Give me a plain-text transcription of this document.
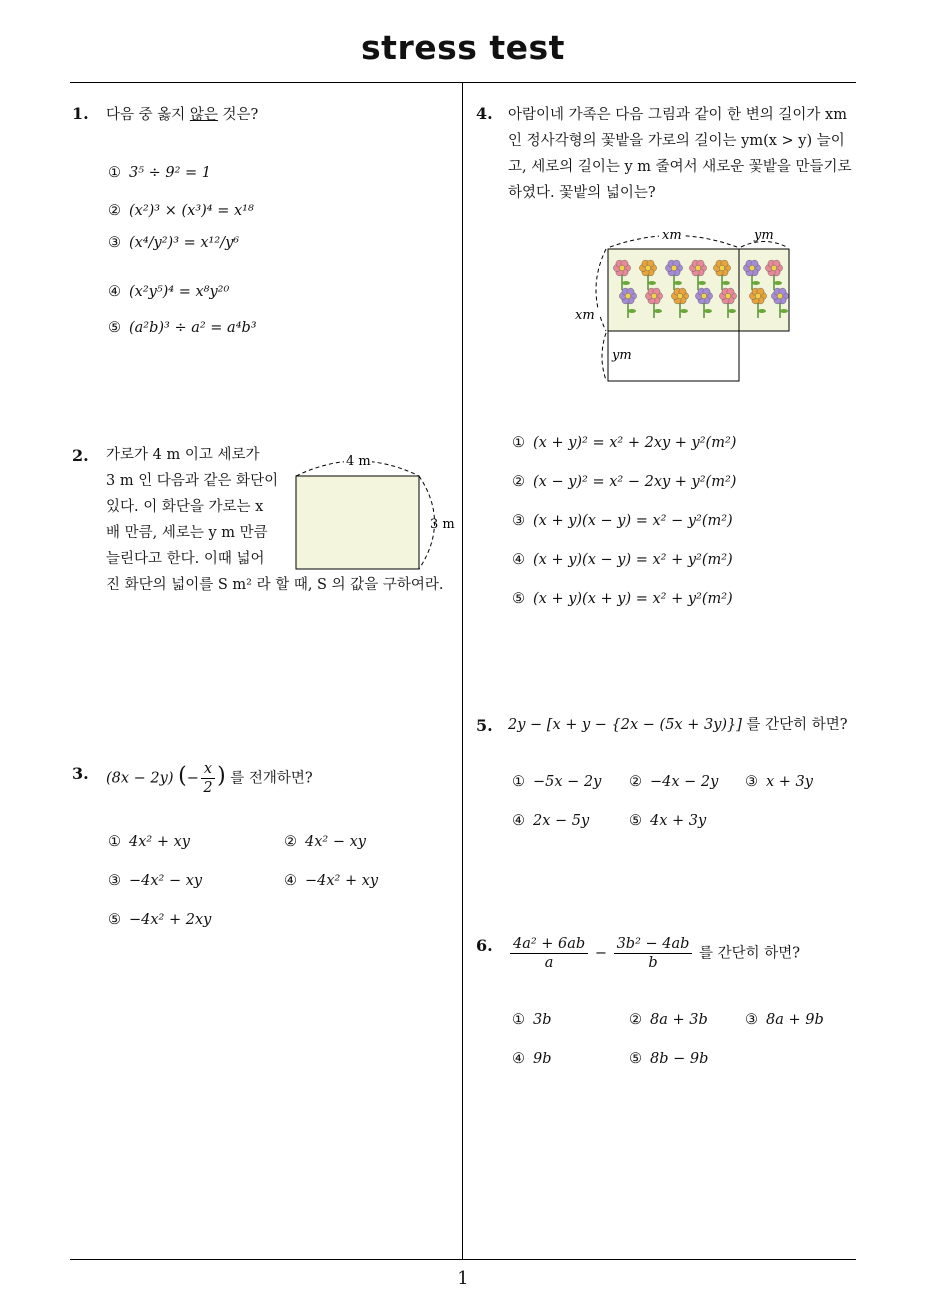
stress test
1
1. 다음 중 옳지 않은 것은?
① 3⁵ ÷ 9² = 1
② (x²)³ × (x³)⁴ = x¹⁸
③ (x⁴/y²)³ = x¹²/y⁶
④ (x²y⁵)⁴ = x⁸y²⁰
⑤ (a²b)³ ÷ a² = a⁴b³
2. 가로가 4 m 이고 세로가
3 m 인 다음과 같은 화단이
있다. 이 화단을 가로는 x
배 만큼, 세로는 y m 만큼
늘린다고 한다. 이때 넓어
진 화단의 넓이를 S m² 라 할 때, S 의 값을 구하여라.
4 m
3 m
3. (8x − 2y) (− $\frac{x}{2}$ ) 를 전개하면?
① 4x² + xy	② 4x² − xy
③ −4x² − xy	④ −4x² + xy
⑤ −4x² + 2xy
4. 아람이네 가족은 다음 그림과 같이 한 변의 길이가 xm
인 정사각형의 꽃밭을 가로의 길이는 ym(x > y) 늘이
고, 세로의 길이는 y m 줄여서 새로운 꽃밭을 만들기로
하였다. 꽃밭의 넓이는?
xm	ym
xm
ym
① (x + y)² = x² + 2xy + y²(m²)
② (x − y)² = x² − 2xy + y²(m²)
③ (x + y)(x − y) = x² − y²(m²)
④ (x + y)(x − y) = x² + y²(m²)
⑤ (x + y)(x + y) = x² + y²(m²)
5. 2y − [x + y − {2x − (5x + 3y)}] 를 간단히 하면?
① −5x − 2y ② −4x − 2y ③ x + 3y
④ 2x − 5y	⑤ 4x + 3y
6. $\frac{\text{4a² + 6ab}}{a} - \frac{\text{3b² − 4ab}}{b}$ 를 간단히 하면?
① 3b	② 8a + 3b	③ 8a + 9b
④ 9b	⑤ 8b − 9b
